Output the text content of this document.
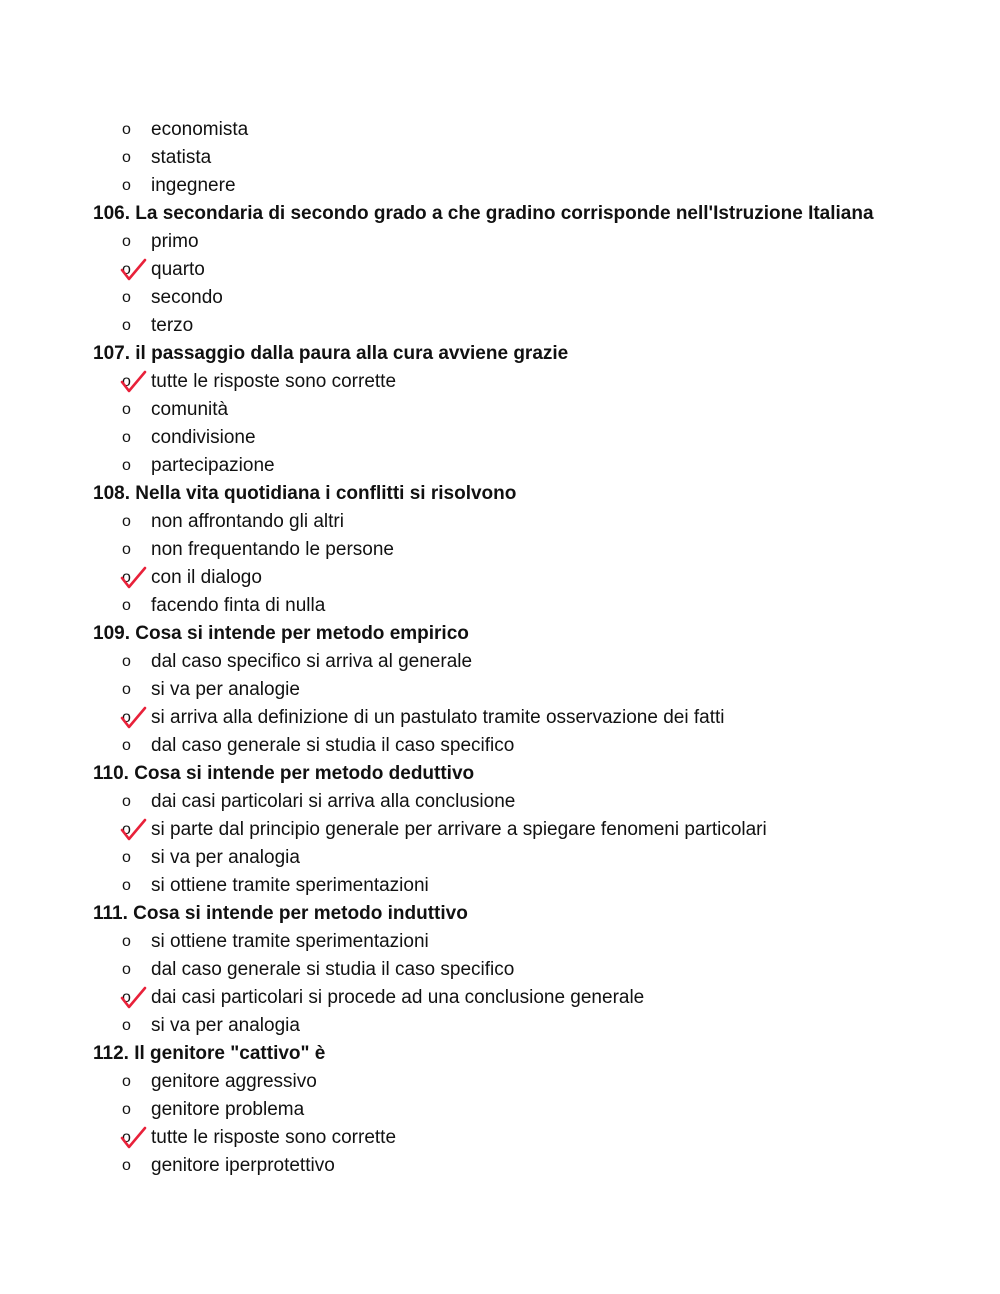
o economista
o statista
o ingegnere
106. La secondaria di secondo grado a che gradino corrisponde nell'Istruzione Italiana
o primo
o quarto
o secondo
o terzo
107. il passaggio dalla paura alla cura avviene grazie
o tutte le risposte sono corrette
o comunità
o condivisione
o partecipazione
108. Nella vita quotidiana i conflitti si risolvono
o non affrontando gli altri
o non frequentando le persone
o con il dialogo
o facendo finta di nulla
109. Cosa si intende per metodo empirico
o dal caso specifico si arriva al generale
o si va per analogie
o si arriva alla definizione di un pastulato tramite osservazione dei fatti
o dal caso generale si studia il caso specifico
110. Cosa si intende per metodo deduttivo
o dai casi particolari si arriva alla conclusione
o si parte dal principio generale per arrivare a spiegare fenomeni particolari
o si va per analogia
o si ottiene tramite sperimentazioni
111. Cosa si intende per metodo induttivo
o si ottiene tramite sperimentazioni
o dal caso generale si studia il caso specifico
o dai casi particolari si procede ad una conclusione generale
o si va per analogia
112. Il genitore "cattivo" è
o genitore aggressivo
o genitore problema
o tutte le risposte sono corrette
o genitore iperprotettivo
